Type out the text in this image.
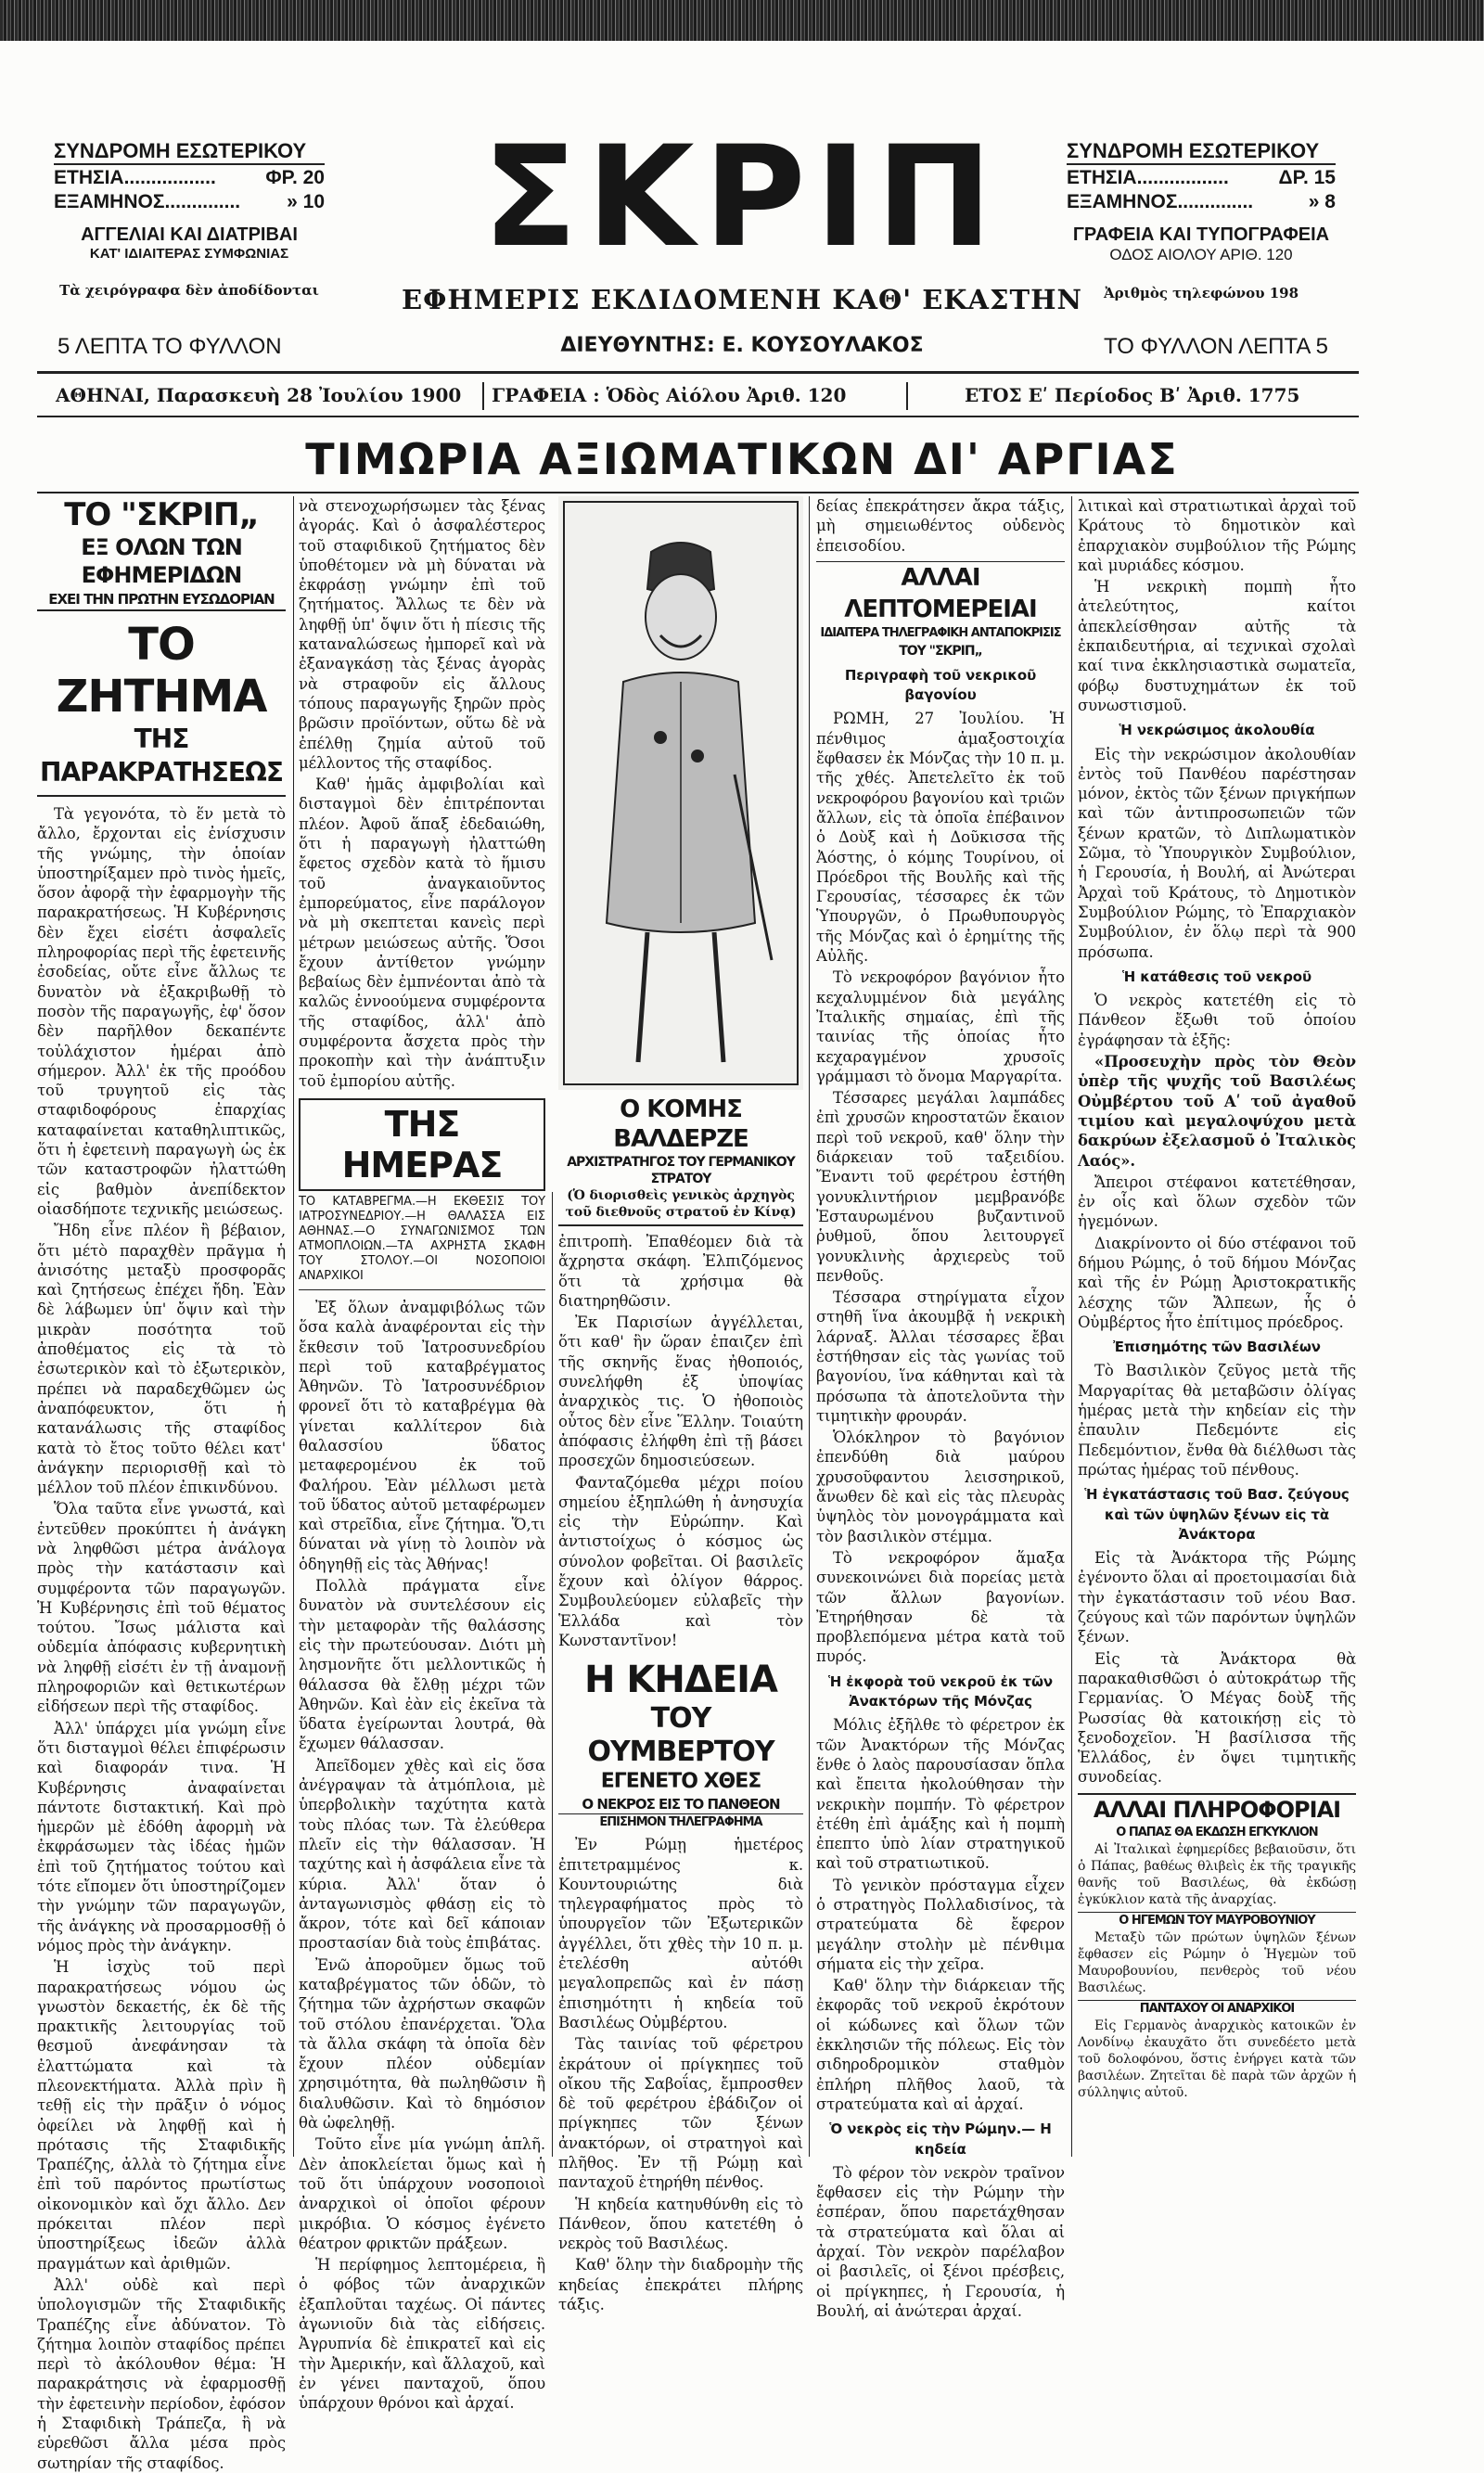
ΣΥΝΔΡΟΜΗ ΕΣΩΤΕΡΙΚΟΥ
ΕΤΗΣΙΑ.................	ΦΡ. 20
ΕΞΑΜΗΝΟΣ.............. » 10
ΑΓΓΕΛΙΑΙ ΚΑΙ ΔΙΑΤΡΙΒΑΙ
ΚΑΤ' ΙΔΙΑΙΤΕΡΑΣ ΣΥΜΦΩΝΙΑΣ
Τὰ χειρόγραφα δὲν ἀποδίδονται
5 ΛΕΠΤΑ ΤΟ ΦΥΛΛΟΝ
ΣΥΝΔΡΟΜΗ ΕΣΩΤΕΡΙΚΟΥ
ΕΤΗΣΙΑ.................	ΔΡ. 15
ΕΞΑΜΗΝΟΣ..............	» 8
ΓΡΑΦΕΙΑ ΚΑΙ ΤΥΠΟΓΡΑΦΕΙΑ
ΟΔΟΣ ΑΙΟΛΟΥ ΑΡΙΘ. 120
Ἀριθμὸς τηλεφώνου 198
ΤΟ ΦΥΛΛΟΝ ΛΕΠΤΑ 5
ΣΚΡΙΠ
ΕΦΗΜΕΡΙΣ ΕΚΔΙΔΟΜΕΝΗ ΚΑΘ' ΕΚΑΣΤΗΝ
ΔΙΕΥΘΥΝΤΗΣ: Ε. ΚΟΥΣΟΥΛΑΚΟΣ
ΑΘΗΝΑΙ, Παρασκευὴ 28 Ἰουλίου 1900 ΓΡΑΦΕΙΑ : Ὁδὸς Αἰόλου Ἀριθ. 120	ΕΤΟΣ Εʹ Περίοδος Βʹ Ἀριθ. 1775
ΤΙΜΩΡΙΑ ΑΞΙΩΜΑΤΙΚΩΝ ΔΙ' ΑΡΓΙΑΣ
ΤΟ "ΣΚΡΙΠ„
ΕΞ ΟΛΩΝ ΤΩΝ ΕΦΗΜΕΡΙΔΩΝ
ΕΧΕΙ ΤΗΝ ΠΡΩΤΗΝ ΕΥΣΩΔΟΡΙΑΝ
ΤΟ ΖΗΤΗΜΑ
ΤΗΣ ΠΑΡΑΚΡΑΤΗΣΕΩΣ

Τὰ γεγονότα, τὸ ἕν μετὰ τὸ ἄλλο, ἔρχονται εἰς ἐνίσχυσιν τῆς γνώμης, τὴν ὁποίαν ὑποστηρίξαμεν πρὸ τινὸς ἡμεῖς, ὅσον ἀφορᾷ τὴν ἐφαρμογὴν τῆς παρακρατήσεως. Ἡ Κυβέρνησις δὲν ἔχει εἰσέτι ἀσφαλεῖς πληροφορίας περὶ τῆς ἐφετεινῆς ἐσοδείας, οὔτε εἶνε ἄλλως τε δυνατὸν νὰ ἐξακριβωθῇ τὸ ποσὸν τῆς παραγωγῆς, ἐφ' ὅσον δὲν παρῆλθον δεκαπέντε τοὐλάχιστον ἡμέραι ἀπὸ σήμερον. Ἀλλ' ἐκ τῆς προόδου τοῦ τρυγητοῦ εἰς τὰς σταφιδοφόρους ἐπαρχίας καταφαίνεται καταθηλιπτικῶς, ὅτι ἡ ἐφετεινὴ παραγωγὴ ὡς ἐκ τῶν καταστροφῶν ἠλαττώθη εἰς βαθμὸν ἀνεπίδεκτον οἱασδήποτε τεχνικῆς μειώσεως.

Ἤδη εἶνε πλέον ἢ βέβαιον, ὅτι μέτὸ παραχθὲν πρᾶγμα ἡ ἀνισότης μεταξὺ προσφορᾶς καὶ ζητήσεως ἐπέχει ἤδη. Ἐὰν δὲ λάβωμεν ὑπ' ὄψιν καὶ τὴν μικρὰν ποσότητα τοῦ ἀποθέματος εἰς τὰ τὸ ἐσωτερικὸν καὶ τὸ ἐξωτερικὸν, πρέπει νὰ παραδεχθῶμεν ὡς ἀναπόφευκτον, ὅτι ἡ κατανάλωσις τῆς σταφίδος κατὰ τὸ ἔτος τοῦτο θέλει κατ' ἀνάγκην περιορισθῇ καὶ τὸ μέλλον τοῦ πλέον ἐπικινδύνου.

Ὅλα ταῦτα εἶνε γνωστά, καὶ ἐντεῦθεν προκύπτει ἡ ἀνάγκη νὰ ληφθῶσι μέτρα ἀνάλογα πρὸς τὴν κατάστασιν καὶ συμφέροντα τῶν παραγωγῶν. Ἡ Κυβέρνησις ἐπὶ τοῦ θέματος τούτου. Ἴσως μάλιστα καὶ οὐδεμία ἀπόφασις κυβερνητικὴ νὰ ληφθῇ εἰσέτι ἐν τῇ ἀναμονῇ πληροφοριῶν καὶ θετικωτέρων εἰδήσεων περὶ τῆς σταφίδος.

Ἀλλ' ὑπάρχει μία γνώμη εἶνε ὅτι δισταγμοὶ θέλει ἐπιφέρωσιν καὶ διαφοράν τινα. Ἡ Κυβέρνησις ἀναφαίνεται πάντοτε διστακτική. Καὶ πρὸ ἡμερῶν μὲ ἐδόθη ἀφορμὴ νὰ ἐκφράσωμεν τὰς ἰδέας ἡμῶν ἐπὶ τοῦ ζητήματος τούτου καὶ τότε εἴπομεν ὅτι ὑποστηρίζομεν τὴν γνώμην τῶν παραγωγῶν, τῆς ἀνάγκης νὰ προσαρμοσθῇ ὁ νόμος πρὸς τὴν ἀνάγκην.

Ἡ ἰσχὺς τοῦ περὶ παρακρατήσεως νόμου ὡς γνωστὸν δεκαετής, ἐκ δὲ τῆς πρακτικῆς λειτουργίας τοῦ θεσμοῦ ἀνεφάνησαν τὰ ἐλαττώματα καὶ τὰ πλεονεκτήματα. Ἀλλὰ πρὶν ἢ τεθῇ εἰς τὴν πρᾶξιν ὁ νόμος ὀφείλει νὰ ληφθῇ καὶ ἡ πρότασις τῆς Σταφιδικῆς Τραπέζης, ἀλλὰ τὸ ζήτημα εἶνε ἐπὶ τοῦ παρόντος πρωτίστως οἰκονομικὸν καὶ ὄχι ἄλλο. Δεν πρόκειται πλέον περὶ ὑποστηρίξεως ἰδεῶν ἀλλὰ πραγμάτων καὶ ἀριθμῶν.

Ἀλλ' οὐδὲ καὶ περὶ ὑπολογισμῶν τῆς Σταφιδικῆς Τραπέζης εἶνε ἀδύνατον. Τὸ ζήτημα λοιπὸν σταφίδος πρέπει περὶ τὸ ἀκόλουθον θέμα: Ἡ παρακράτησις νὰ ἐφαρμοσθῇ τὴν ἐφετεινὴν περίοδον, ἐφόσον ἡ Σταφιδικὴ Τράπεζα, ἢ νὰ εὑρεθῶσι ἄλλα μέσα πρὸς σωτηρίαν τῆς σταφίδος.

νὰ στενοχωρήσωμεν τὰς ξένας ἀγοράς. Καὶ ὁ ἀσφαλέστερος τοῦ σταφιδικοῦ ζητήματος δὲν ὑποθέτομεν νὰ μὴ δύναται νὰ ἐκφράσῃ γνώμην ἐπὶ τοῦ ζητήματος. Ἄλλως τε δὲν νὰ ληφθῇ ὑπ' ὄψιν ὅτι ἡ πίεσις τῆς καταναλώσεως ἠμπορεῖ καὶ νὰ ἐξαναγκάσῃ τὰς ξένας ἀγορὰς νὰ στραφοῦν εἰς ἄλλους τόπους παραγωγῆς ξηρῶν πρὸς βρῶσιν προϊόντων, οὕτω δὲ νὰ ἐπέλθῃ ζημία αὐτοῦ τοῦ μέλλοντος τῆς σταφίδος.

Καθ' ἡμᾶς ἀμφιβολίαι καὶ δισταγμοὶ δὲν ἐπιτρέπονται πλέον. Ἀφοῦ ἅπαξ ἐδεδαιώθη, ὅτι ἡ παραγωγὴ ἠλαττώθη ἔφετος σχεδὸν κατὰ τὸ ἥμισυ τοῦ ἀναγκαιοῦντος ἐμπορεύματος, εἶνε παράλογον νὰ μὴ σκεπτεται κανεὶς περὶ μέτρων μειώσεως αὐτῆς. Ὅσοι ἔχουν ἀντίθετον γνώμην βεβαίως δὲν ἐμπνέονται ἀπὸ τὰ καλῶς ἐννοούμενα συμφέροντα τῆς σταφίδος, ἀλλ' ἀπὸ συμφέροντα ἄσχετα πρὸς τὴν προκοπὴν καὶ τὴν ἀνάπτυξιν τοῦ ἐμπορίου αὐτῆς.

ΤΗΣ ΗΜΕΡΑΣ
ΤΟ ΚΑΤΑΒΡΕΓΜΑ.—Η ΕΚΘΕΣΙΣ ΤΟΥ ΙΑΤΡΟΣΥΝΕΔΡΙΟΥ.—Η ΘΑΛΑΣΣΑ ΕΙΣ ΑΘΗΝΑΣ.—Ο ΣΥΝΑΓΩΝΙΣΜΟΣ ΤΩΝ ΑΤΜΟΠΛΟΙΩΝ.—ΤΑ ΑΧΡΗΣΤΑ ΣΚΑΦΗ ΤΟΥ ΣΤΟΛΟΥ.—ΟΙ ΝΟΣΟΠΟΙΟΙ ΑΝΑΡΧΙΚΟΙ

Ἐξ ὅλων ἀναμφιβόλως τῶν ὅσα καλὰ ἀναφέρονται εἰς τὴν ἔκθεσιν τοῦ Ἰατροσυνεδρίου περὶ τοῦ καταβρέγματος Ἀθηνῶν. Τὸ Ἰατροσυνέδριον φρονεῖ ὅτι τὸ καταβρέγμα θὰ γίνεται καλλίτερον διὰ θαλασσίου ὕδατος μεταφερομένου ἐκ τοῦ Φαλήρου. Ἐὰν μέλλωσι μετὰ τοῦ ὕδατος αὐτοῦ μεταφέρωμεν καὶ στρεῖδια, εἶνε ζήτημα. Ὅ,τι δύναται νὰ γίνῃ τὸ λοιπὸν νὰ ὁδηγηθῇ εἰς τὰς Ἀθήνας!

Πολλὰ πράγματα εἶνε δυνατὸν νὰ συντελέσουν εἰς τὴν μεταφορὰν τῆς θαλάσσης εἰς τὴν πρωτεύουσαν. Διότι μὴ λησμονῆτε ὅτι μελλοντικῶς ἡ θάλασσα θὰ ἔλθῃ μέχρι τῶν Ἀθηνῶν. Καὶ ἐὰν εἰς ἐκεῖνα τὰ ὕδατα ἐγείρωνται λουτρά, θὰ ἔχωμεν θάλασσαν.

Ἀπεῖδομεν χθὲς καὶ εἰς ὅσα ἀνέγραψαν τὰ ἀτμόπλοια, μὲ ὑπερβολικὴν ταχύτητα κατὰ τοὺς πλόας των. Τὰ ἐλεύθερα πλεῖν εἰς τὴν θάλασσαν. Ἡ ταχύτης καὶ ἡ ἀσφάλεια εἶνε τὰ κύρια. Ἀλλ' ὅταν ὁ ἀνταγωνισμὸς φθάσῃ εἰς τὸ ἄκρον, τότε καὶ δεῖ κάποιαν προστασίαν διὰ τοὺς ἐπιβάτας.

Ἐνῶ ἀποροῦμεν ὅμως τοῦ καταβρέγματος τῶν ὁδῶν, τὸ ζήτημα τῶν ἀχρήστων σκαφῶν τοῦ στόλου ἐπανέρχεται. Ὅλα τὰ ἄλλα σκάφη τὰ ὁποῖα δὲν ἔχουν πλέον οὐδεμίαν χρησιμότητα, θὰ πωληθῶσιν ἢ διαλυθῶσιν. Καὶ τὸ δημόσιον θὰ ὠφεληθῇ.

Τοῦτο εἶνε μία γνώμη ἁπλῆ. Δὲν ἀποκλείεται ὅμως καὶ ἡ τοῦ ὅτι ὑπάρχουν νοσοποιοὶ ἀναρχικοὶ οἱ ὁποῖοι φέρουν μικρόβια. Ὁ κόσμος ἐγένετο θέατρον φρικτῶν πράξεων.

Ἡ περίφημος λεπτομέρεια, ἢ ὁ φόβος τῶν ἀναρχικῶν ἐξαπλοῦται ταχέως. Οἱ πάντες ἀγωνιοῦν διὰ τὰς εἰδήσεις. Ἀγρυπνία δὲ ἐπικρατεῖ καὶ εἰς τὴν Ἀμερικήν, καὶ ἄλλαχοῦ, καὶ ἐν γένει πανταχοῦ, ὅπου ὑπάρχουν θρόνοι καὶ ἀρχαί.

Ο ΚΟΜΗΣ ΒΑΛΔΕΡΖΕ
ΑΡΧΙΣΤΡΑΤΗΓΟΣ ΤΟΥ ΓΕΡΜΑΝΙΚΟΥ ΣΤΡΑΤΟΥ
(Ὁ διορισθεὶς γενικὸς ἀρχηγὸς τοῦ διεθνοῦς στρατοῦ ἐν Κίνᾳ)

ἐπιτροπὴ. Ἐπαθέομεν διὰ τὰ ἄχρηστα σκάφη. Ἐλπιζόμενος ὅτι τὰ χρήσιμα θὰ διατηρηθῶσιν.

Ἐκ Παρισίων ἀγγέλλεται, ὅτι καθ' ἣν ὥραν ἐπαιζεν ἐπὶ τῆς σκηνῆς ἕνας ἠθοποιός, συνελήφθη ἐξ ὑποψίας ἀναρχικὸς τις. Ὁ ἠθοποιὸς οὗτος δὲν εἶνε Ἕλλην. Τοιαύτη ἀπόφασις ἐλήφθη ἐπὶ τῇ βάσει προσεχῶν δημοσιεύσεων.

Φανταζόμεθα μέχρι ποίου σημείου ἐξηπλώθη ἡ ἀνησυχία εἰς τὴν Εὐρώπην. Καὶ ἀντιστοίχως ὁ κόσμος ὡς σύνολον φοβεῖται. Οἱ βασιλεῖς ἔχουν καὶ ὀλίγον θάρρος. Συμβουλεύομεν εὐλαβεῖς τὴν Ἑλλάδα καὶ τὸν Κωνσταντῖνον!

Η ΚΗΔΕΙΑ
ΤΟΥ ΟΥΜΒΕΡΤΟΥ
ΕΓΕΝΕΤΟ ΧΘΕΣ
Ο ΝΕΚΡΟΣ ΕΙΣ ΤΟ ΠΑΝΘΕΟΝ
ΕΠΙΣΗΜΟΝ ΤΗΛΕΓΡΑΦΗΜΑ

Ἐν Ρώμῃ ἡμετέρος ἐπιτετραμμένος κ. Κουντουριώτης διὰ τηλεγραφήματος πρὸς τὸ ὑπουργεῖον τῶν Ἐξωτερικῶν ἀγγέλλει, ὅτι χθὲς τὴν 10 π. μ. ἐτελέσθη αὐτόθι μεγαλοπρεπῶς καὶ ἐν πάσῃ ἐπισημότητι ἡ κηδεία τοῦ Βασιλέως Οὐμβέρτου.

Τὰς ταινίας τοῦ φέρετρου ἐκράτουν οἱ πρίγκηπες τοῦ οἴκου τῆς Σαβοΐας, ἔμπροσθεν δὲ τοῦ φερέτρου ἐβάδιζον οἱ πρίγκηπες τῶν ξένων ἀνακτόρων, οἱ στρατηγοὶ καὶ πλῆθος. Ἐν τῇ Ρώμῃ καὶ πανταχοῦ ἐτηρήθη πένθος.

Ἡ κηδεία κατηυθύνθη εἰς τὸ Πάνθεον, ὅπου κατετέθη ὁ νεκρὸς τοῦ Βασιλέως.

Καθ' ὅλην τὴν διαδρομὴν τῆς κηδείας ἐπεκράτει πλήρης τάξις.

δείας ἐπεκράτησεν ἄκρα τάξις, μὴ σημειωθέντος οὐδενὸς ἐπεισοδίου.

ΑΛΛΑΙ ΛΕΠΤΟΜΕΡΕΙΑΙ
ΙΔΙΑΙΤΕΡΑ ΤΗΛΕΓΡΑΦΙΚΗ ΑΝΤΑΠΟΚΡΙΣΙΣ
ΤΟΥ "ΣΚΡΙΠ„
Περιγραφὴ τοῦ νεκρικοῦ βαγονίου

ΡΩΜΗ, 27 Ἰουλίου. Ἡ πένθιμος ἁμαξοστοιχία ἔφθασεν ἐκ Μόνζας τὴν 10 π. μ. τῆς χθές. Ἀπετελεῖτο ἐκ τοῦ νεκροφόρου βαγονίου καὶ τριῶν ἄλλων, εἰς τὰ ὁποῖα ἐπέβαινον ὁ Δοὺξ καὶ ἡ Δοῦκισσα τῆς Ἀόστης, ὁ κόμης Τουρίνου, οἱ Πρόεδροι τῆς Βουλῆς καὶ τῆς Γερουσίας, τέσσαρες ἐκ τῶν Ὑπουργῶν, ὁ Πρωθυπουργὸς τῆς Μόνζας καὶ ὁ ἐρημίτης τῆς Αὐλῆς.

Τὸ νεκροφόρον βαγόνιον ἦτο κεχαλυμμένον διὰ μεγάλης Ἰταλικῆς σημαίας, ἐπὶ τῆς ταινίας τῆς ὁποίας ἦτο κεχαραγμένον χρυσοῖς γράμμασι τὸ ὄνομα Μαργαρίτα.

Τέσσαρες μεγάλαι λαμπάδες ἐπὶ χρυσῶν κηροστατῶν ἔκαιον περὶ τοῦ νεκροῦ, καθ' ὅλην τὴν διάρκειαν τοῦ ταξειδίου. Ἔναντι τοῦ φερέτρου ἐστήθη γονυκλιντήριον μεμβρανόβε Ἐσταυρωμένου βυζαντινοῦ ῥυθμοῦ, ὅπου λειτουργεῖ γονυκλινὴς ἀρχιερεὺς τοῦ πενθοῦς.

Τέσσαρα στηρίγματα εἶχον στηθῆ ἵνα ἀκουμβᾷ ἡ νεκρικὴ λάρναξ. Ἀλλαι τέσσαρες ἔβαι ἐστήθησαν εἰς τὰς γωνίας τοῦ βαγονίου, ἵνα κάθηνται καὶ τὰ πρόσωπα τὰ ἀποτελοῦντα τὴν τιμητικὴν φρουράν.

Ὁλόκληρον τὸ βαγόνιον ἐπενδύθη διὰ μαύρου χρυσοῦφαντου λεισσηρικοῦ, ἄνωθεν δὲ καὶ εἰς τὰς πλευρὰς ὑψηλὸς τὸν μονογράμματα καὶ τὸν βασιλικὸν στέμμα.

Τὸ νεκροφόρον ἅμαξα συνεκοινώνει διὰ πορείας μετὰ τῶν ἄλλων βαγονίων. Ἐτηρήθησαν δὲ τὰ προβλεπόμενα μέτρα κατὰ τοῦ πυρός.

Ἡ ἐκφορὰ τοῦ νεκροῦ ἐκ τῶν Ἀνακτόρων τῆς Μόνζας

Μόλις ἐξῆλθε τὸ φέρετρον ἐκ τῶν Ἀνακτόρων τῆς Μόνζας ἕνθε ὁ λαὸς παρουσίασαν ὅπλα καὶ ἔπειτα ἠκολούθησαν τὴν νεκρικὴν πομπήν. Τὸ φέρετρον ἐτέθη ἐπὶ ἁμάξης καὶ ἡ πομπὴ ἐπεπτο ὑπὸ λίαν στρατηγικοῦ καὶ τοῦ στρατιωτικοῦ.

Τὸ γενικὸν πρόσταγμα εἶχεν ὁ στρατηγὸς Πολλαδισίνος, τὰ στρατεύματα δὲ ἔφερον μεγάλην στολὴν μὲ πένθιμα σήματα εἰς τὴν χεῖρα.

Καθ' ὅλην τὴν διάρκειαν τῆς ἐκφορᾶς τοῦ νεκροῦ ἐκρότουν οἱ κώδωνες καὶ ὅλων τῶν ἐκκλησιῶν τῆς πόλεως. Εἰς τὸν σιδηροδρομικὸν σταθμὸν ἐπλήρη πλῆθος λαοῦ, τὰ στρατεύματα καὶ αἱ ἀρχαί.

Ὁ νεκρὸς εἰς τὴν Ρώμην.— Η κηδεία

Τὸ φέρον τὸν νεκρὸν τραῖνον ἔφθασεν εἰς τὴν Ρώμην τὴν ἑσπέραν, ὅπου παρετάχθησαν τὰ στρατεύματα καὶ ὅλαι αἱ ἀρχαί. Τὸν νεκρὸν παρέλαβον οἱ βασιλεῖς, οἱ ξένοι πρέσβεις, οἱ πρίγκηπες, ἡ Γερουσία, ἡ Βουλή, αἱ ἀνώτεραι ἀρχαί.

λιτικαὶ καὶ στρατιωτικαὶ ἀρχαὶ τοῦ Κράτους τὸ δημοτικὸν καὶ ἐπαρχιακὸν συμβούλιον τῆς Ρώμης καὶ μυριάδες κόσμου.

Ἡ νεκρικὴ πομπὴ ἦτο ἀτελεύτητος, καίτοι ἀπεκλείσθησαν αὐτῆς τὰ ἐκπαιδευτήρια, αἱ τεχνικαὶ σχολαὶ καί τινα ἐκκλησιαστικὰ σωματεῖα, φόβῳ δυστυχημάτων ἐκ τοῦ συνωστισμοῦ.

Ἡ νεκρώσιμος ἀκολουθία

Εἰς τὴν νεκρώσιμον ἀκολουθίαν ἐντὸς τοῦ Πανθέου παρέστησαν μόνον, ἐκτὸς τῶν ξένων πριγκήπων καὶ τῶν ἀντιπροσωπειῶν τῶν ξένων κρατῶν, τὸ Διπλωματικὸν Σῶμα, τὸ Ὑπουργικὸν Συμβούλιον, ἡ Γερουσία, ἡ Βουλή, αἱ Ἀνώτεραι Ἀρχαὶ τοῦ Κράτους, τὸ Δημοτικὸν Συμβούλιον Ρώμης, τὸ Ἐπαρχιακὸν Συμβούλιον, ἐν ὅλῳ περὶ τὰ 900 πρόσωπα.

Ἡ κατάθεσις τοῦ νεκροῦ

Ὁ νεκρὸς κατετέθη εἰς τὸ Πάνθεον ἔξωθι τοῦ ὁποίου ἐγράφησαν τὰ ἑξῆς:

«Προσευχὴν πρὸς τὸν Θεὸν ὑπὲρ τῆς ψυχῆς τοῦ Βασιλέως Οὐμβέρτου τοῦ Αʹ τοῦ ἀγαθοῦ τιμίου καὶ μεγαλοψύχου μετὰ δακρύων ἐξελασμοῦ ὁ Ἰταλικὸς Λαός».

Ἄπειροι στέφανοι κατετέθησαν, ἐν οἷς καὶ ὅλων σχεδὸν τῶν ἡγεμόνων.

Διακρίνοντο οἱ δύο στέφανοι τοῦ δήμου Ρώμης, ὁ τοῦ δήμου Μόνζας καὶ τῆς ἐν Ρώμῃ Ἀριστοκρατικῆς λέσχης τῶν Ἄλπεων, ἧς ὁ Οὐμβέρτος ἦτο ἐπίτιμος πρόεδρος.

Ἐπισημότης τῶν Βασιλέων

Τὸ Βασιλικὸν ζεῦγος μετὰ τῆς Μαργαρίτας θὰ μεταβῶσιν ὀλίγας ἡμέρας μετὰ τὴν κηδείαν εἰς τὴν ἐπαυλιν Πεδεμόντε εἰς Πεδεμόντιον, ἔνθα θὰ διέλθωσι τὰς πρώτας ἡμέρας τοῦ πένθους.

Ἡ ἐγκατάστασις τοῦ Βασ. ζεύγους καὶ τῶν ὑψηλῶν ξένων εἰς τὰ Ἀνάκτορα

Εἰς τὰ Ἀνάκτορα τῆς Ρώμης ἐγένοντο ὅλαι αἱ προετοιμασίαι διὰ τὴν ἐγκατάστασιν τοῦ νέου Βασ. ζεύγους καὶ τῶν παρόντων ὑψηλῶν ξένων.

Εἰς τὰ Ἀνάκτορα θὰ παρακαθισθῶσι ὁ αὐτοκράτωρ τῆς Γερμανίας. Ὁ Μέγας δοὺξ τῆς Ρωσσίας θὰ κατοικήσῃ εἰς τὸ ξενοδοχεῖον. Ἡ βασίλισσα τῆς Ἑλλάδος, ἐν ὄψει τιμητικῆς συνοδείας.

ΑΛΛΑΙ ΠΛΗΡΟΦΟΡΙΑΙ
Ο ΠΑΠΑΣ ΘΑ ΕΚΔΩΣΗ ΕΓΚΥΚΛΙΟΝ

Αἱ Ἰταλικαὶ ἐφημερίδες βεβαιοῦσιν, ὅτι ὁ Πάπας, βαθέως θλιβεὶς ἐκ τῆς τραγικῆς θανῆς τοῦ Βασιλέως, θὰ ἐκδώσῃ ἐγκύκλιον κατὰ τῆς ἀναρχίας.

Ο ΗΓΕΜΩΝ ΤΟΥ ΜΑΥΡΟΒΟΥΝΙΟΥ

Μεταξὺ τῶν πρώτων ὑψηλῶν ξένων ἔφθασεν εἰς Ρώμην ὁ Ἡγεμὼν τοῦ Μαυροβουνίου, πενθερὸς τοῦ νέου Βασιλέως.

ΠΑΝΤΑΧΟΥ ΟΙ ΑΝΑΡΧΙΚΟΙ

Εἰς Γερμανὸς ἀναρχικὸς κατοικῶν ἐν Λονδίνῳ ἐκαυχᾶτο ὅτι συνεδέετο μετὰ τοῦ δολοφόνου, ὅστις ἐνήργει κατὰ τῶν βασιλέων. Ζητεῖται δὲ παρὰ τῶν ἀρχῶν ἡ σύλληψις αὐτοῦ.
